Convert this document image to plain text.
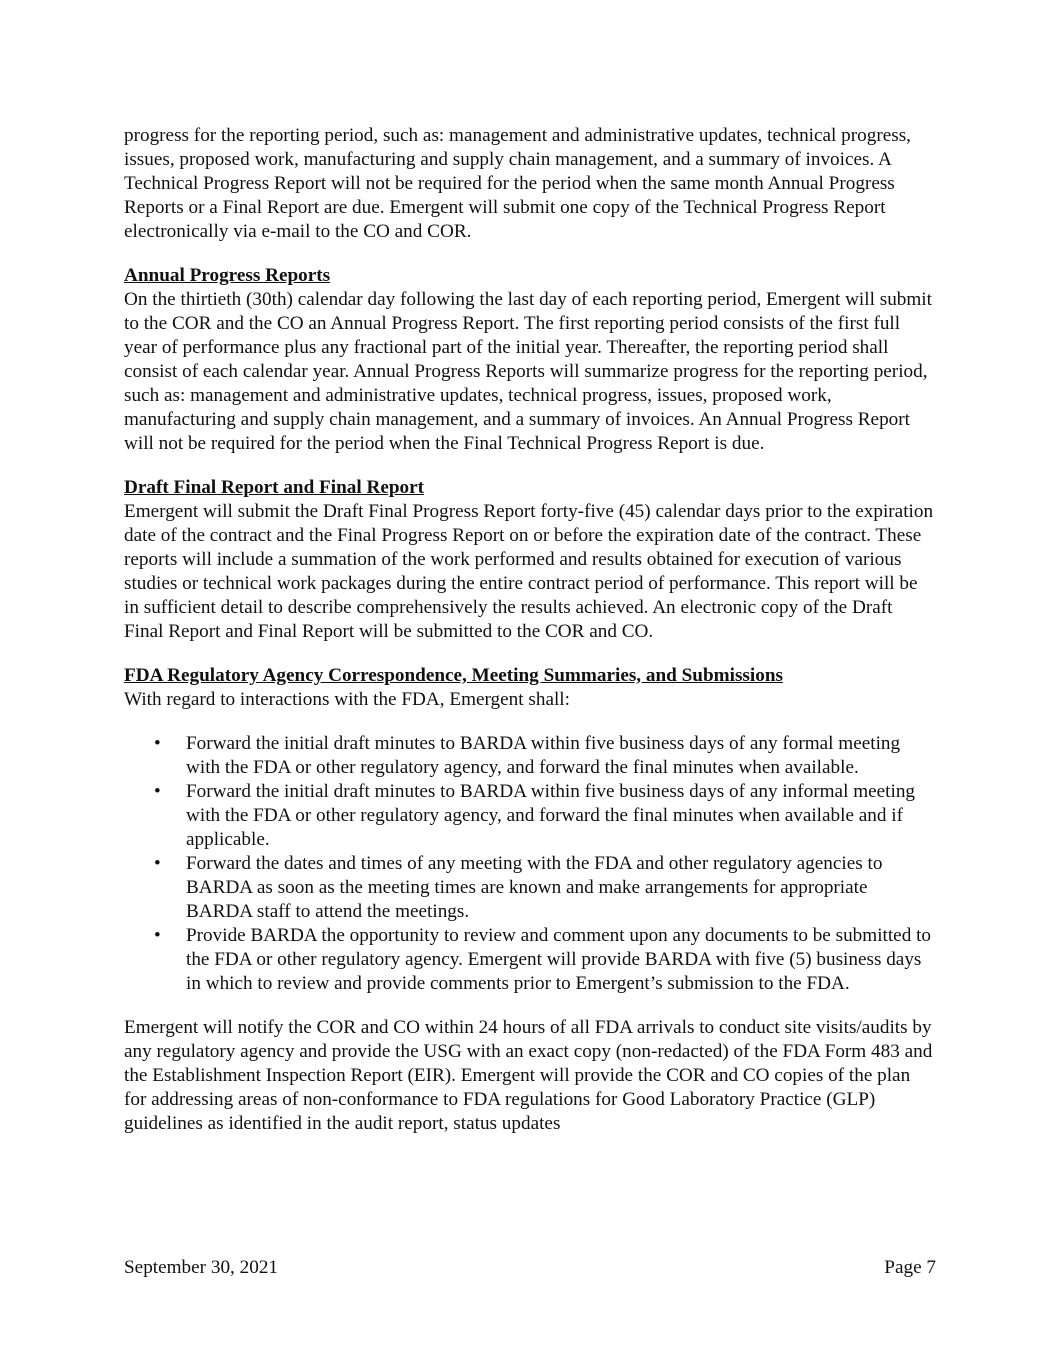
progress for the reporting period, such as: management and administrative updates, technical progress, issues, proposed work, manufacturing and supply chain management, and a summary of invoices. A Technical Progress Report will not be required for the period when the same month Annual Progress Reports or a Final Report are due. Emergent will submit one copy of the Technical Progress Report electronically via e-mail to the CO and COR.

Annual Progress Reports

On the thirtieth (30th) calendar day following the last day of each reporting period, Emergent will submit to the COR and the CO an Annual Progress Report. The first reporting period consists of the first full year of performance plus any fractional part of the initial year. Thereafter, the reporting period shall consist of each calendar year. Annual Progress Reports will summarize progress for the reporting period, such as: management and administrative updates, technical progress, issues, proposed work, manufacturing and supply chain management, and a summary of invoices. An Annual Progress Report will not be required for the period when the Final Technical Progress Report is due.

Draft Final Report and Final Report

Emergent will submit the Draft Final Progress Report forty-five (45) calendar days prior to the expiration date of the contract and the Final Progress Report on or before the expiration date of the contract. These reports will include a summation of the work performed and results obtained for execution of various studies or technical work packages during the entire contract period of performance. This report will be in sufficient detail to describe comprehensively the results achieved. An electronic copy of the Draft Final Report and Final Report will be submitted to the COR and CO.

FDA Regulatory Agency Correspondence, Meeting Summaries, and Submissions

With regard to interactions with the FDA, Emergent shall:

• Forward the initial draft minutes to BARDA within five business days of any formal meeting with the FDA or other regulatory agency, and forward the final minutes when available.
• Forward the initial draft minutes to BARDA within five business days of any informal meeting with the FDA or other regulatory agency, and forward the final minutes when available and if applicable.
• Forward the dates and times of any meeting with the FDA and other regulatory agencies to BARDA as soon as the meeting times are known and make arrangements for appropriate BARDA staff to attend the meetings.
• Provide BARDA the opportunity to review and comment upon any documents to be submitted to the FDA or other regulatory agency. Emergent will provide BARDA with five (5) business days in which to review and provide comments prior to Emergent’s submission to the FDA.

Emergent will notify the COR and CO within 24 hours of all FDA arrivals to conduct site visits/audits by any regulatory agency and provide the USG with an exact copy (non-redacted) of the FDA Form 483 and the Establishment Inspection Report (EIR). Emergent will provide the COR and CO copies of the plan for addressing areas of non-conformance to FDA regulations for Good Laboratory Practice (GLP) guidelines as identified in the audit report, status updates

September 30, 2021	Page 7
